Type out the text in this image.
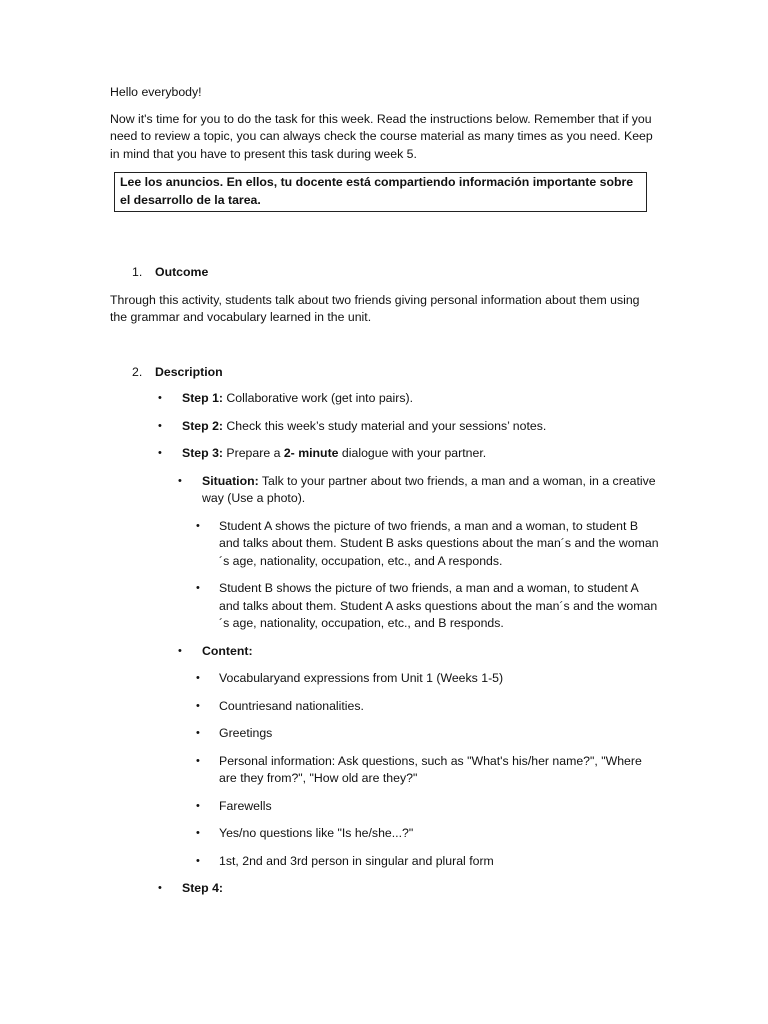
Hello everybody!

Now it's time for you to do the task for this week. Read the instructions below. Remember that if you need to review a topic, you can always check the course material as many times as you need. Keep in mind that you have to present this task during week 5.

Lee los anuncios. En ellos, tu docente está compartiendo información importante sobre el desarrollo de la tarea.
1. Outcome

Through this activity, students talk about two friends giving personal information about them using the grammar and vocabulary learned in the unit.

2. Description
• Step 1: Collaborative work (get into pairs).
• Step 2: Check this week’s study material and your sessions’ notes.
• Step 3: Prepare a 2- minute dialogue with your partner.
• Situation: Talk to your partner about two friends, a man and a woman, in a creative way (Use a photo).
• Student A shows the picture of two friends, a man and a woman, to student B and talks about them. Student B asks questions about the man´s and the woman´s age, nationality, occupation, etc., and A responds.
• Student B shows the picture of two friends, a man and a woman, to student A and talks about them. Student A asks questions about the man´s and the woman´s age, nationality, occupation, etc., and B responds.
• Content:
• Vocabularyand expressions from Unit 1 (Weeks 1-5)
• Countriesand nationalities.
• Greetings
• Personal information: Ask questions, such as "What's his/her name?", "Where are they from?", "How old are they?"
• Farewells
• Yes/no questions like "Is he/she...?"
• 1st, 2nd and 3rd person in singular and plural form
• Step 4:
